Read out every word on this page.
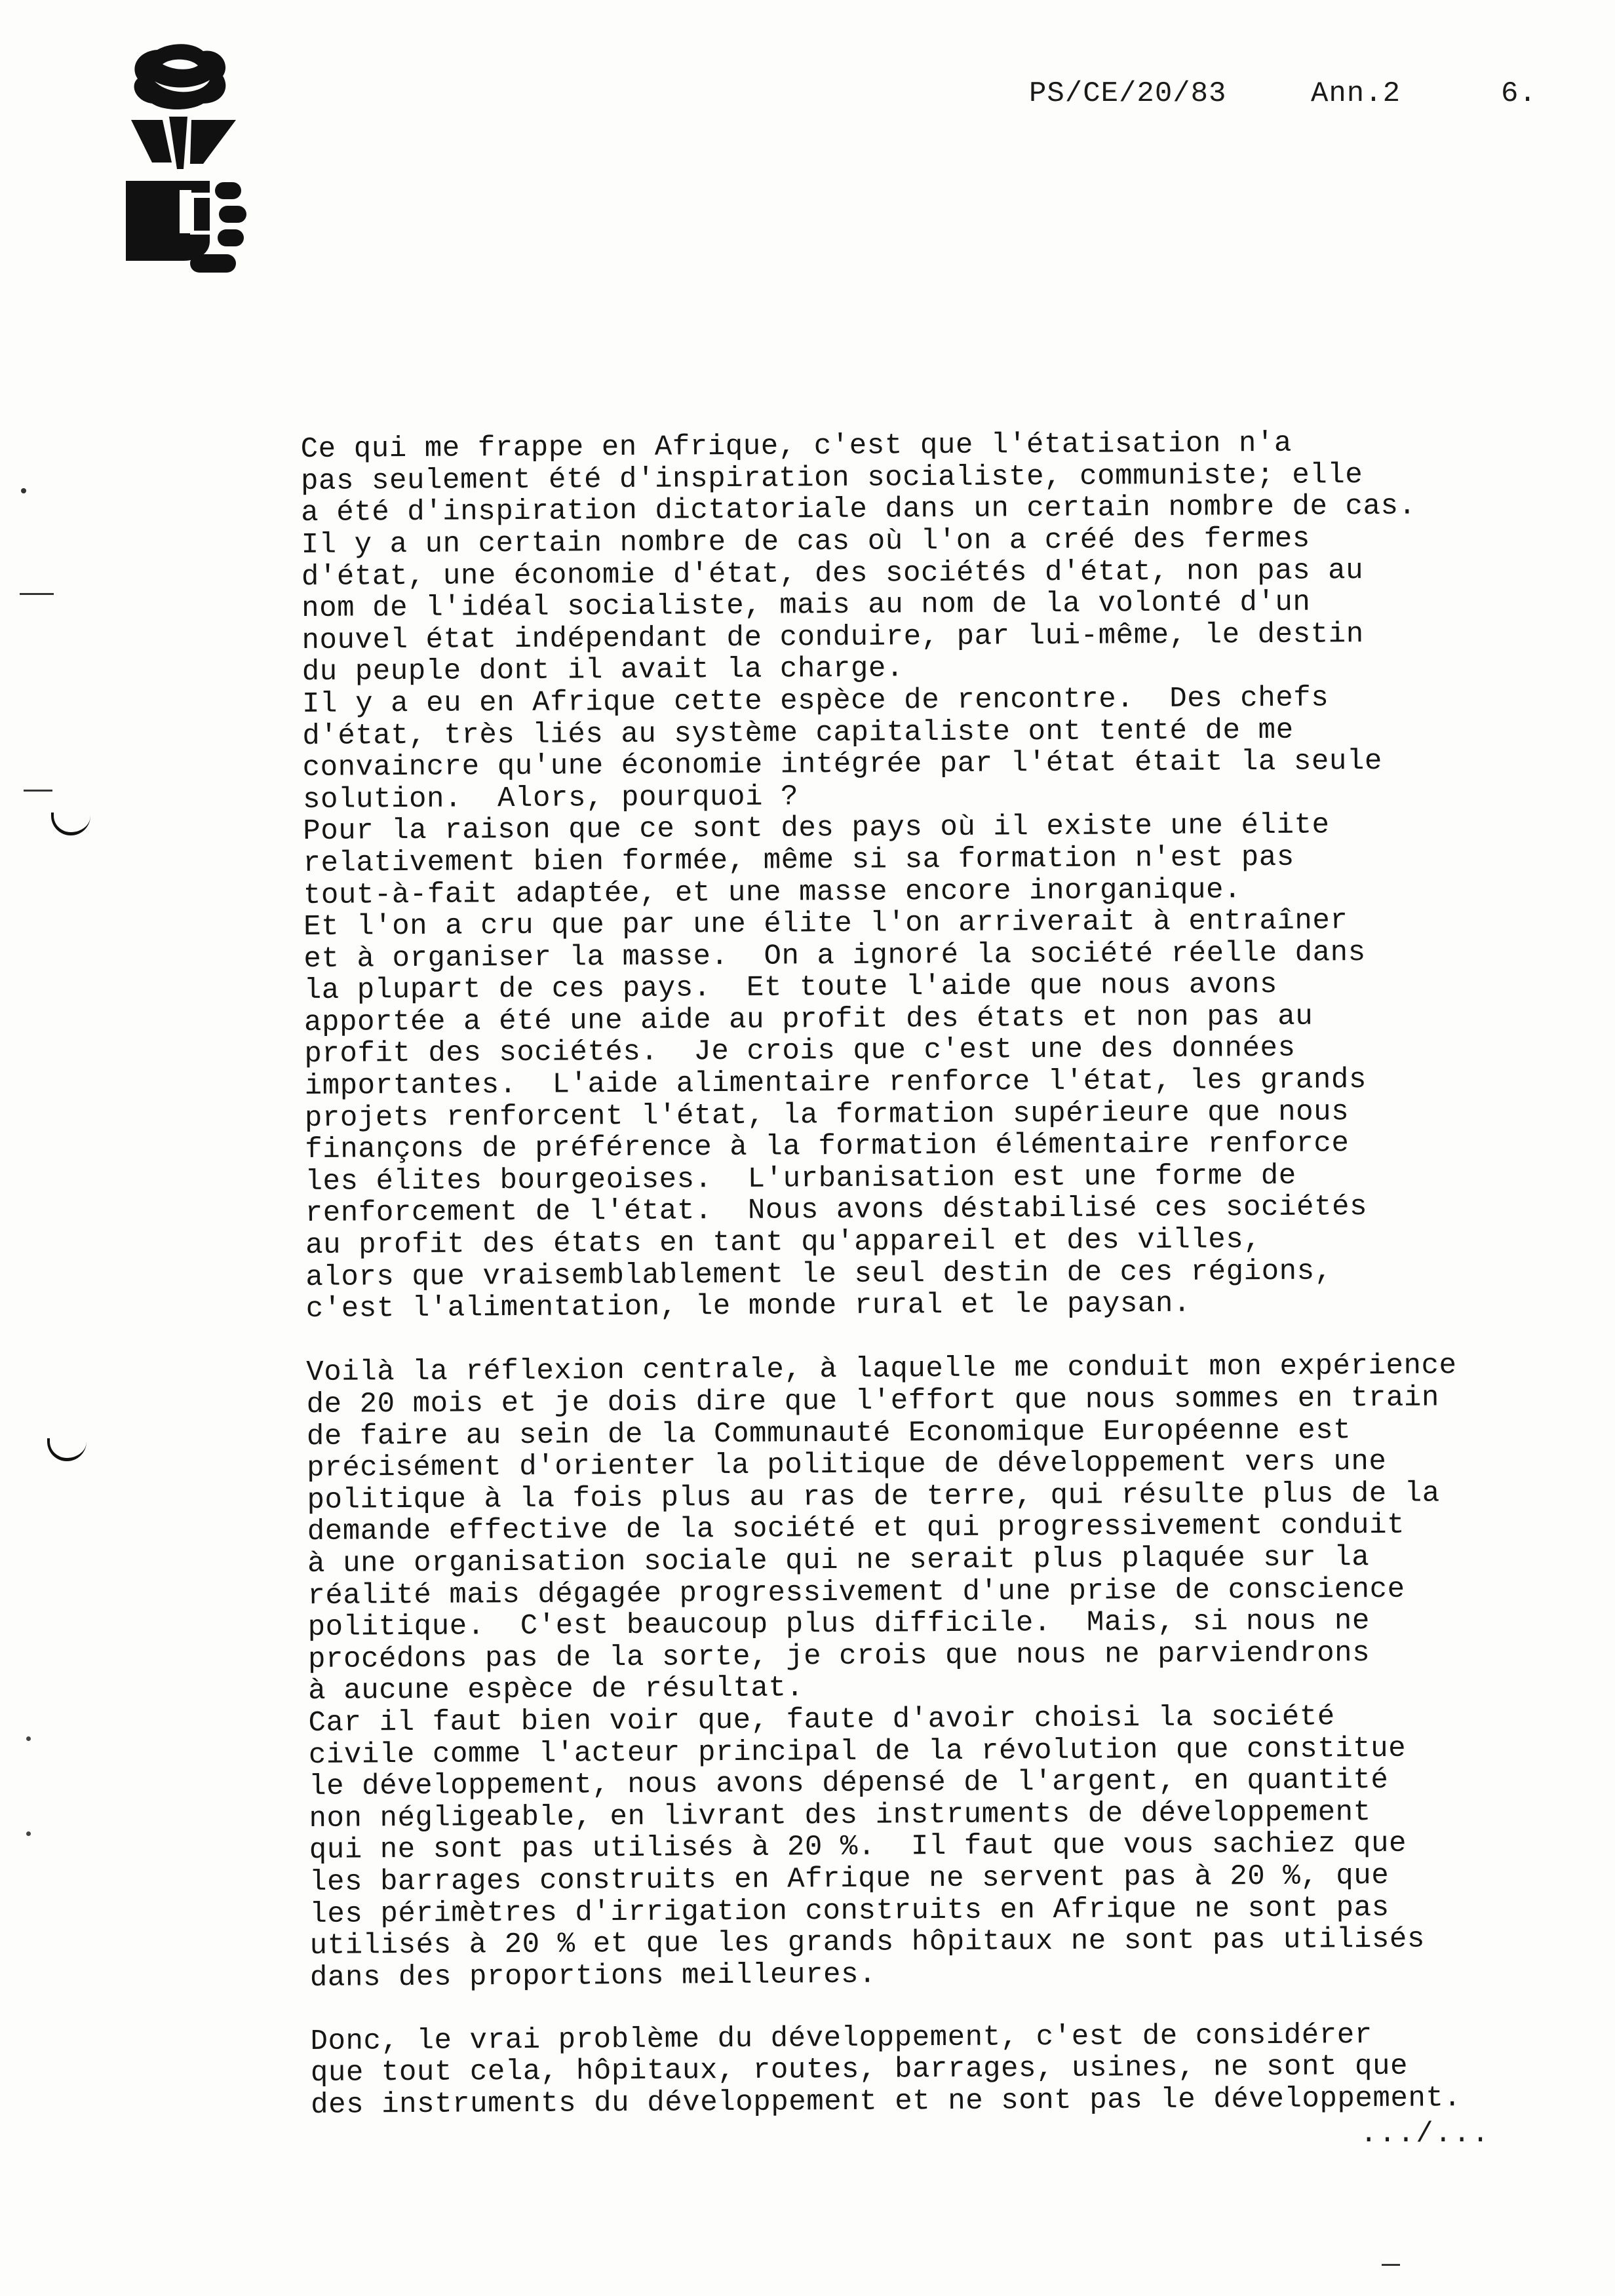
PS/CE/20/83	Ann.2	6.

Ce qui me frappe en Afrique, c'est que l'étatisation n'a
pas seulement été d'inspiration socialiste, communiste; elle
a été d'inspiration dictatoriale dans un certain nombre de cas.
Il y a un certain nombre de cas où l'on a créé des fermes
d'état, une économie d'état, des sociétés d'état, non pas au
nom de l'idéal socialiste, mais au nom de la volonté d'un
nouvel état indépendant de conduire, par lui-même, le destin
du peuple dont il avait la charge.
Il y a eu en Afrique cette espèce de rencontre.  Des chefs
d'état, très liés au système capitaliste ont tenté de me
convaincre qu'une économie intégrée par l'état était la seule
solution.  Alors, pourquoi ?
Pour la raison que ce sont des pays où il existe une élite
relativement bien formée, même si sa formation n'est pas
tout-à-fait adaptée, et une masse encore inorganique.
Et l'on a cru que par une élite l'on arriverait à entraîner
et à organiser la masse.  On a ignoré la société réelle dans
la plupart de ces pays.  Et toute l'aide que nous avons
apportée a été une aide au profit des états et non pas au
profit des sociétés.  Je crois que c'est une des données
importantes.  L'aide alimentaire renforce l'état, les grands
projets renforcent l'état, la formation supérieure que nous
finançons de préférence à la formation élémentaire renforce
les élites bourgeoises.  L'urbanisation est une forme de
renforcement de l'état.  Nous avons déstabilisé ces sociétés
au profit des états en tant qu'appareil et des villes,
alors que vraisemblablement le seul destin de ces régions,
c'est l'alimentation, le monde rural et le paysan.
Voilà la réflexion centrale, à laquelle me conduit mon expérience
de 20 mois et je dois dire que l'effort que nous sommes en train
de faire au sein de la Communauté Economique Européenne est
précisément d'orienter la politique de développement vers une
politique à la fois plus au ras de terre, qui résulte plus de la
demande effective de la société et qui progressivement conduit
à une organisation sociale qui ne serait plus plaquée sur la
réalité mais dégagée progressivement d'une prise de conscience
politique.  C'est beaucoup plus difficile.  Mais, si nous ne
procédons pas de la sorte, je crois que nous ne parviendrons
à aucune espèce de résultat.
Car il faut bien voir que, faute d'avoir choisi la société
civile comme l'acteur principal de la révolution que constitue
le développement, nous avons dépensé de l'argent, en quantité
non négligeable, en livrant des instruments de développement
qui ne sont pas utilisés à 20 %.  Il faut que vous sachiez que
les barrages construits en Afrique ne servent pas à 20 %, que
les périmètres d'irrigation construits en Afrique ne sont pas
utilisés à 20 % et que les grands hôpitaux ne sont pas utilisés
dans des proportions meilleures.
Donc, le vrai problème du développement, c'est de considérer
que tout cela, hôpitaux, routes, barrages, usines, ne sont que
des instruments du développement et ne sont pas le développement.

.../...
